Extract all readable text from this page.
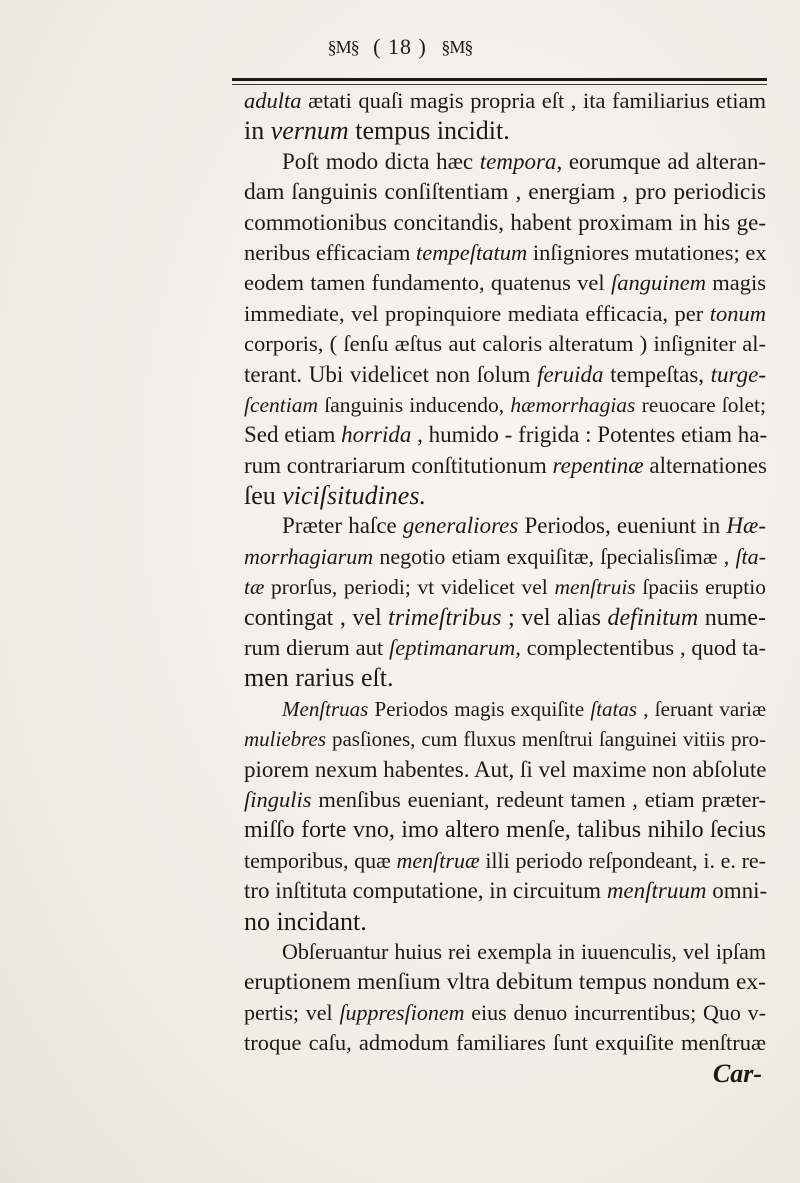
§M§ ( 18 ) §M§
adulta ætati quaſi magis propria eſt , ita familiarius etiam
in vernum tempus incidit.
Poſt modo dicta hæc tempora, eorumque ad alteran-
dam ſanguinis conſiſtentiam , energiam , pro periodicis
commotionibus concitandis, habent proximam in his ge-
neribus efficaciam tempeſtatum inſigniores mutationes; ex
eodem tamen fundamento, quatenus vel ſanguinem magis
immediate, vel propinquiore mediata efficacia, per tonum
corporis, ( ſenſu æſtus aut caloris alteratum ) inſigniter al-
terant. Ubi videlicet non ſolum feruida tempeſtas, turge-
ſcentiam ſanguinis inducendo, hæmorrhagias reuocare ſolet;
Sed etiam horrida , humido - frigida : Potentes etiam ha-
rum contrariarum conſtitutionum repentinæ alternationes
ſeu viciſsitudines.
Præter haſce generaliores Periodos, eueniunt in Hæ-
morrhagiarum negotio etiam exquiſitæ, ſpecialisſimæ , ſta-
tæ prorſus, periodi; vt videlicet vel menſtruis ſpaciis eruptio
contingat , vel trimeſtribus ; vel alias definitum nume-
rum dierum aut ſeptimanarum, complectentibus , quod ta-
men rarius eſt.
Menſtruas Periodos magis exquiſite ſtatas , ſeruant variæ
muliebres pasſiones, cum fluxus menſtrui ſanguinei vitiis pro-
piorem nexum habentes. Aut, ſi vel maxime non abſolute
ſingulis menſibus eueniant, redeunt tamen , etiam præter-
miſſo forte vno, imo altero menſe, talibus nihilo ſecius
temporibus, quæ menſtruæ illi periodo reſpondeant, i. e. re-
tro inſtituta computatione, in circuitum menſtruum omni-
no incidant.
Obſeruantur huius rei exempla in iuuenculis, vel ipſam
eruptionem menſium vltra debitum tempus nondum ex-
pertis; vel ſuppresſionem eius denuo incurrentibus; Quo v-
troque caſu, admodum familiares ſunt exquiſite menſtruæ
Car-
